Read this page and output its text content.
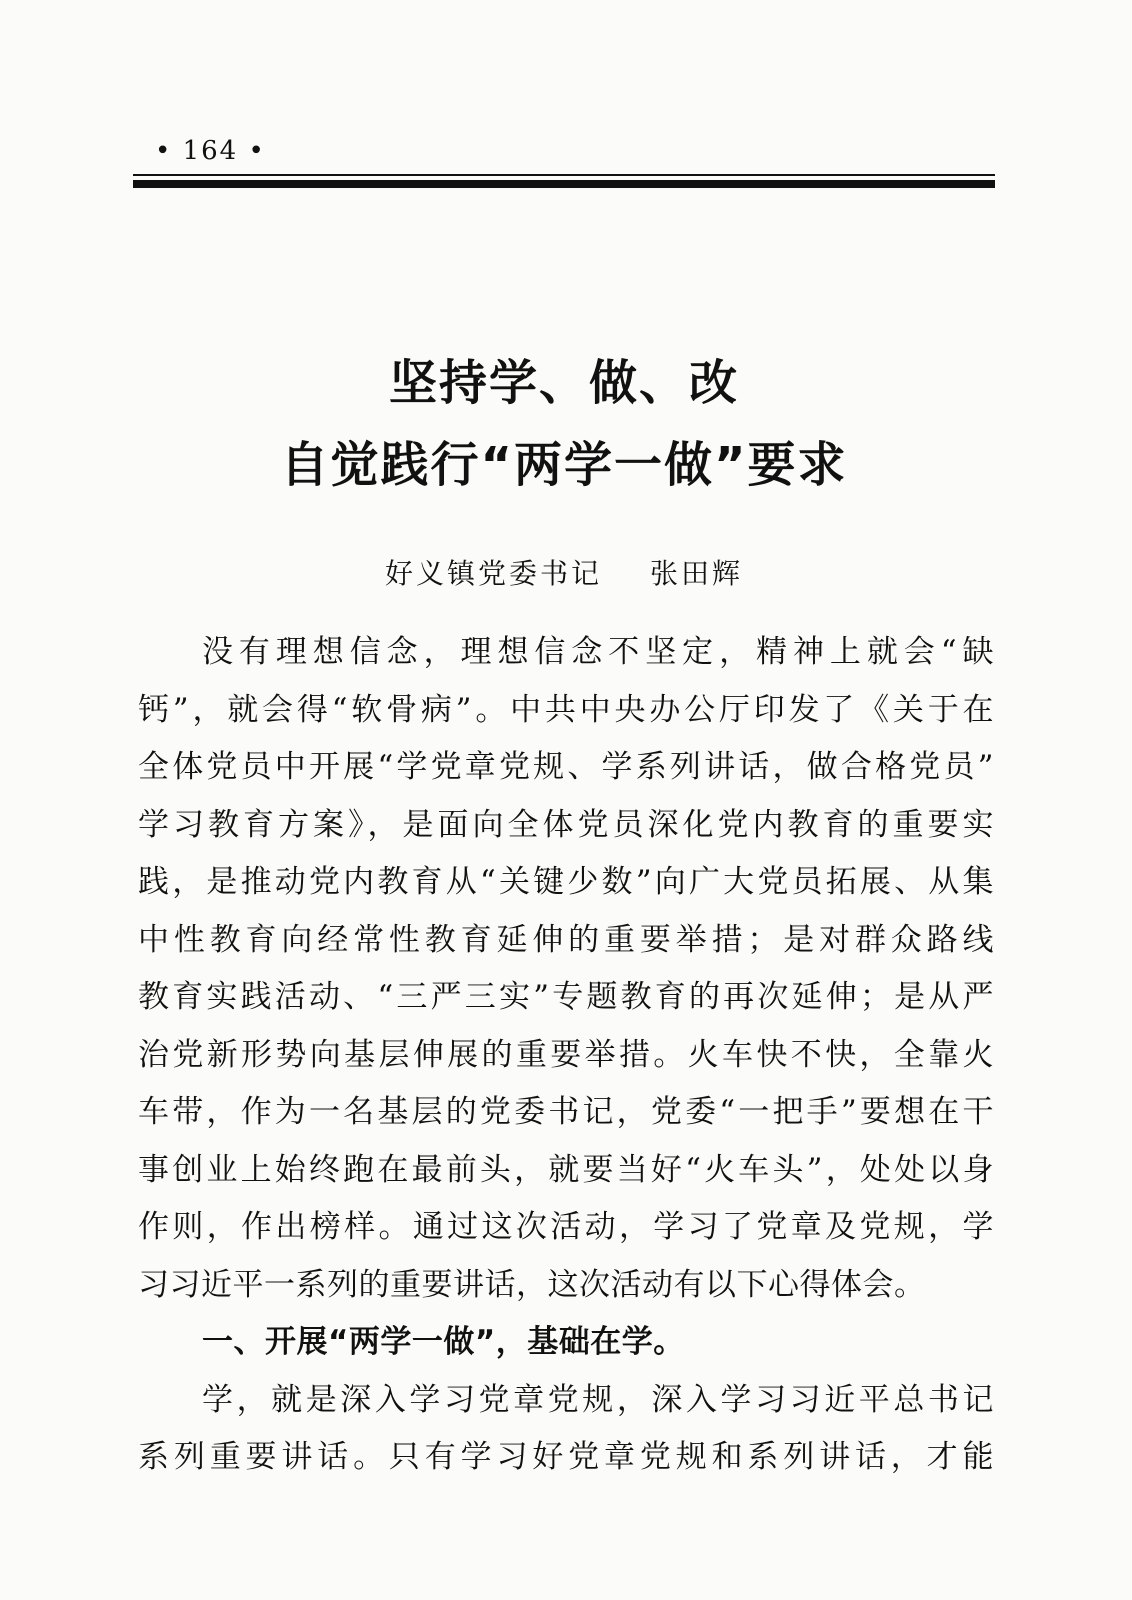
• 164 •
坚持学、做、改
自觉践行“两学一做”要求
好义镇党委书记 张田辉
没有理想信念，理想信念不坚定，精神上就会“缺
钙”，就会得“软骨病”。中共中央办公厅印发了《关于在
全体党员中开展“学党章党规、学系列讲话，做合格党员”
学习教育方案》，是面向全体党员深化党内教育的重要实
践，是推动党内教育从“关键少数”向广大党员拓展、从集
中性教育向经常性教育延伸的重要举措；是对群众路线
教育实践活动、“三严三实”专题教育的再次延伸；是从严
治党新形势向基层伸展的重要举措。火车快不快，全靠火
车带，作为一名基层的党委书记，党委“一把手”要想在干
事创业上始终跑在最前头，就要当好“火车头”，处处以身
作则，作出榜样。通过这次活动，学习了党章及党规，学
习习近平一系列的重要讲话，这次活动有以下心得体会。
一、开展“两学一做”，基础在学。
学，就是深入学习党章党规，深入学习习近平总书记
系列重要讲话。只有学习好党章党规和系列讲话，才能
